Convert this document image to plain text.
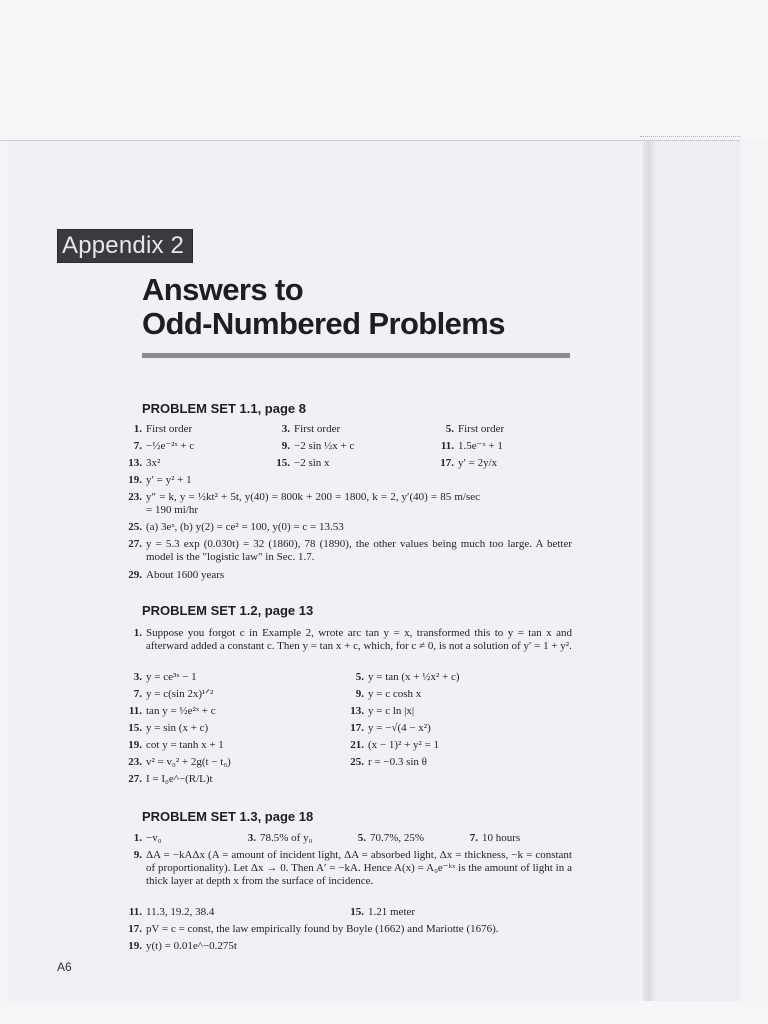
Appendix 2
Answers to
Odd-Numbered Problems
PROBLEM SET 1.1, page 8
1. First order	3. First order	5. First order
7. −½e⁻²ˣ + c	9. −2 sin ½x + c	11. 1.5e⁻ˣ + 1
13. 3x²	15. −2 sin x	17. y′ = 2y/x
19. y′ = y² + 1
23. y″ = k, y = ½kt² + 5t, y(40) = 800k + 200 = 1800, k = 2, y′(40) = 85 m/sec = 190 mi/hr
25. (a) 3eˣ, (b) y(2) = ce² = 100, y(0) = c = 13.53
27. y = 5.3 exp (0.030t) = 32 (1860), 78 (1890), the other values being much too large. A better model is the "logistic law" in Sec. 1.7.
29. About 1600 years
PROBLEM SET 1.2, page 13
1. Suppose you forgot c in Example 2, wrote arc tan y = x, transformed this to y = tan x and afterward added a constant c. Then y = tan x + c, which, for c ≠ 0, is not a solution of y′ = 1 + y².
3. y = ce³ˣ − 1	5. y = tan (x + ½x² + c)
7. y = c(sin 2x)¹ᐟ²	9. y = c cosh x
11. tan y = ½e²ˣ + c	13. y = c ln |x|
15. y = sin (x + c)	17. y = −√(4 − x²)
19. cot y = tanh x + 1	21. (x − 1)² + y² = 1
23. v² = v₀² + 2g(t − t₀)	25. r = −0.3 sin θ
27. I = I₀e^−(R/L)t
PROBLEM SET 1.3, page 18
1. −v₀	3. 78.5% of y₀	5. 70.7%, 25%	7. 10 hours
9. ΔA = −kAΔx (A = amount of incident light, ΔA = absorbed light, Δx = thickness, −k = constant of proportionality). Let Δx → 0. Then A′ = −kA. Hence A(x) = A₀e⁻ᵏˣ is the amount of light in a thick layer at depth x from the surface of incidence.
11. 11.3, 19.2, 38.4	15. 1.21 meter
17. pV = c = const, the law empirically found by Boyle (1662) and Mariotte (1676).
19. y(t) = 0.01e^−0.275t
A6
